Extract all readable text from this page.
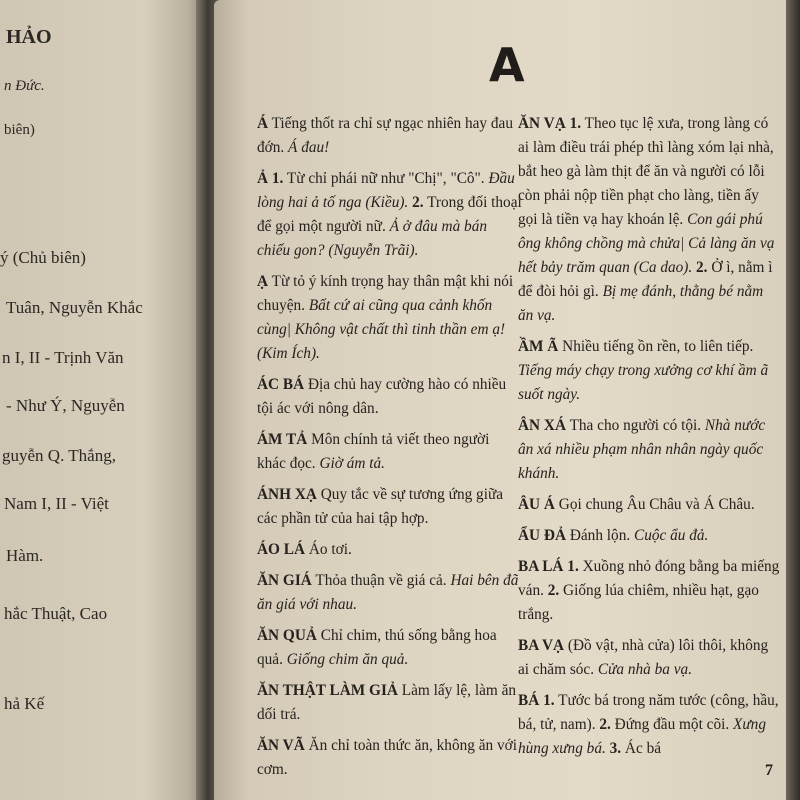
HẢO
n Đức.
biên)
ý (Chủ biên)
Tuân, Nguyễn Khắc
n I, II - Trịnh Văn
- Như Ý, Nguyễn
guyễn Q. Thắng,
Nam I, II - Việt
Hàm.
hắc Thuật, Cao
hả Kế
A

Á Tiếng thốt ra chỉ sự ngạc nhiên hay đau đớn. Á đau!

Ả 1. Từ chỉ phái nữ như "Chị", "Cô". Đầu lòng hai ả tố nga (Kiều). 2. Trong đối thoại để gọi một người nữ. Ả ở đâu mà bán chiếu gon? (Nguyễn Trãi).

Ạ Từ tỏ ý kính trọng hay thân mật khi nói chuyện. Bất cứ ai cũng qua cảnh khốn cùng| Không vật chất thì tinh thần em ạ! (Kim Ích).

ÁC BÁ Địa chủ hay cường hào có nhiều tội ác với nông dân.

ÁM TẢ Môn chính tả viết theo người khác đọc. Giờ ám tả.

ÁNH XẠ Quy tắc về sự tương ứng giữa các phần tử của hai tập hợp.

ÁO LÁ Áo tơi.

ĂN GIÁ Thỏa thuận về giá cả. Hai bên đã ăn giá với nhau.

ĂN QUẢ Chỉ chim, thú sống bằng hoa quả. Giống chim ăn quả.

ĂN THẬT LÀM GIẢ Làm lấy lệ, làm ăn dối trá.

ĂN VÃ Ăn chỉ toàn thức ăn, không ăn với cơm.

ĂN VẠ 1. Theo tục lệ xưa, trong làng có ai làm điều trái phép thì làng xóm lại nhà, bắt heo gà làm thịt để ăn và người có lỗi còn phải nộp tiền phạt cho làng, tiền ấy gọi là tiền vạ hay khoán lệ. Con gái phú ông không chồng mà chửa| Cả làng ăn vạ hết bảy trăm quan (Ca dao). 2. Ở ì, nằm ì để đòi hỏi gì. Bị mẹ đánh, thằng bé nằm ăn vạ.

ẦM Ã Nhiều tiếng ồn rền, to liên tiếp. Tiếng máy chạy trong xưởng cơ khí ầm ã suốt ngày.

ÂN XÁ Tha cho người có tội. Nhà nước ân xá nhiều phạm nhân nhân ngày quốc khánh.

ÂU Á Gọi chung Âu Châu và Á Châu.

ẨU ĐẢ Đánh lộn. Cuộc ẩu đả.

BA LÁ 1. Xuồng nhỏ đóng bằng ba miếng ván. 2. Giống lúa chiêm, nhiều hạt, gạo trắng.

BA VẠ (Đồ vật, nhà cửa) lôi thôi, không ai chăm sóc. Cửa nhà ba vạ.

BÁ 1. Tước bá trong năm tước (công, hầu, bá, tử, nam). 2. Đứng đầu một cõi. Xưng hùng xưng bá. 3. Ác bá

7
